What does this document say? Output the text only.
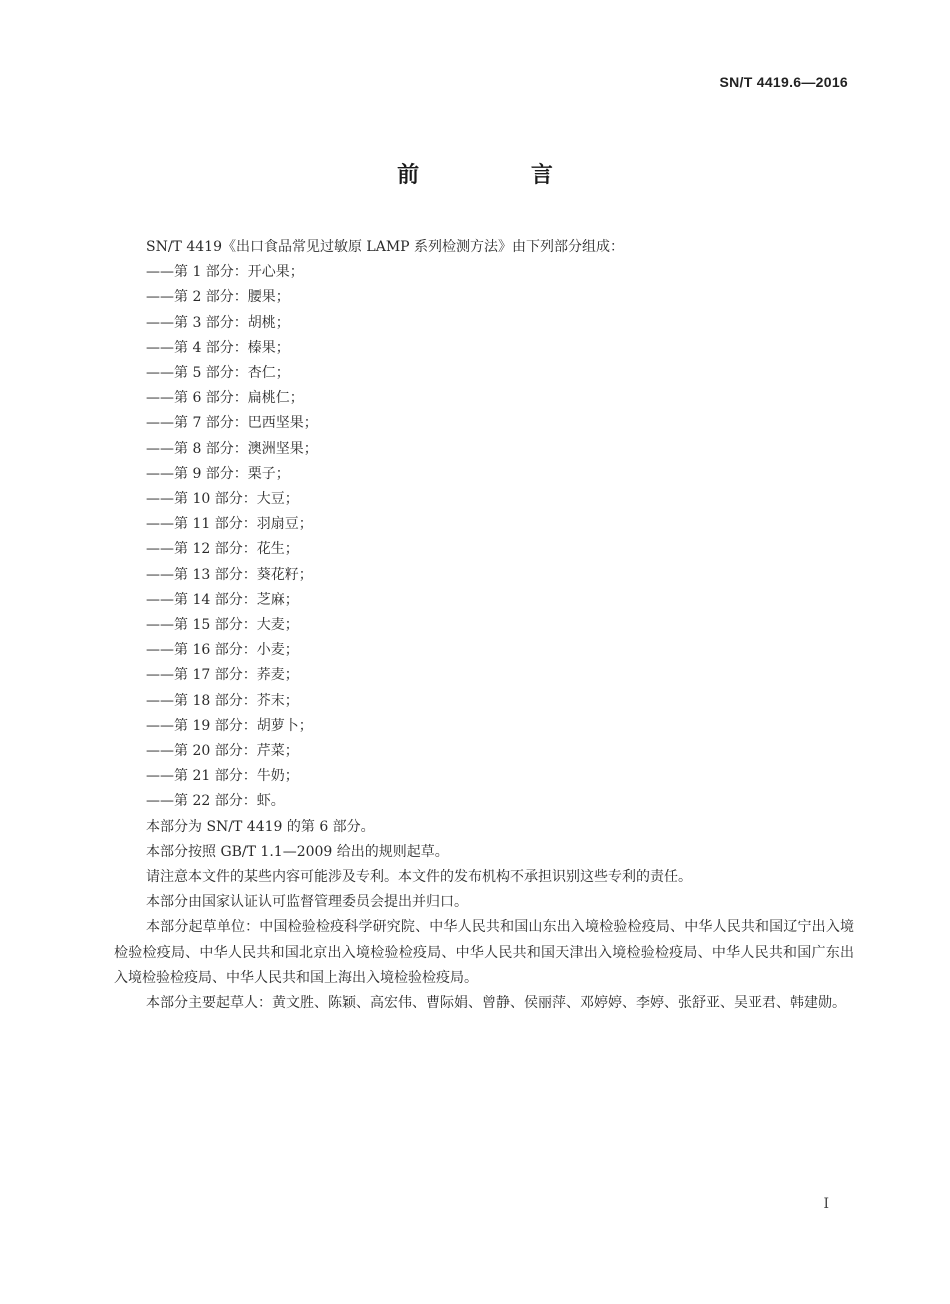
SN/T 4419.6—2016
前 言

SN/T 4419《出口食品常见过敏原 LAMP 系列检测方法》由下列部分组成：

——第 1 部分：开心果；
——第 2 部分：腰果；
——第 3 部分：胡桃；
——第 4 部分：榛果；
——第 5 部分：杏仁；
——第 6 部分：扁桃仁；
——第 7 部分：巴西坚果；
——第 8 部分：澳洲坚果；
——第 9 部分：栗子；
——第 10 部分：大豆；
——第 11 部分：羽扇豆；
——第 12 部分：花生；
——第 13 部分：葵花籽；
——第 14 部分：芝麻；
——第 15 部分：大麦；
——第 16 部分：小麦；
——第 17 部分：荞麦；
——第 18 部分：芥末；
——第 19 部分：胡萝卜；
——第 20 部分：芹菜；
——第 21 部分：牛奶；
——第 22 部分：虾。

本部分为 SN/T 4419 的第 6 部分。

本部分按照 GB/T 1.1—2009 给出的规则起草。

请注意本文件的某些内容可能涉及专利。本文件的发布机构不承担识别这些专利的责任。

本部分由国家认证认可监督管理委员会提出并归口。

本部分起草单位：中国检验检疫科学研究院、中华人民共和国山东出入境检验检疫局、中华人民共和国辽宁出入境检验检疫局、中华人民共和国北京出入境检验检疫局、中华人民共和国天津出入境检验检疫局、中华人民共和国广东出入境检验检疫局、中华人民共和国上海出入境检验检疫局。

本部分主要起草人：黄文胜、陈颖、高宏伟、曹际娟、曾静、侯丽萍、邓婷婷、李婷、张舒亚、吴亚君、韩建勋。

I
